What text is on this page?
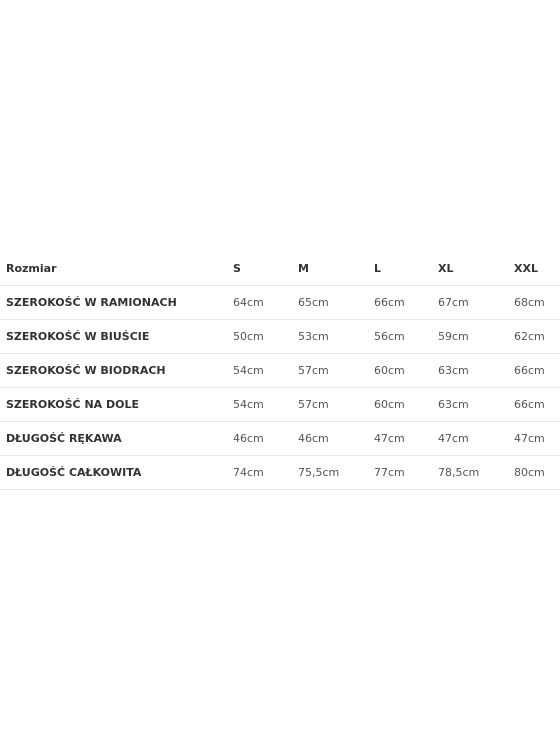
Rozmiar	S	M	L	XL	XXL
SZEROKOŚĆ W RAMIONACH	64cm	65cm	66cm	67cm	68cm
SZEROKOŚĆ W BIUŚCIE	50cm	53cm	56cm	59cm	62cm
SZEROKOŚĆ W BIODRACH	54cm	57cm	60cm	63cm	66cm
SZEROKOŚĆ NA DOLE	54cm	57cm	60cm	63cm	66cm
DŁUGOŚĆ RĘKAWA	46cm	46cm	47cm	47cm	47cm
DŁUGOŚĆ CAŁKOWITA	74cm	75,5cm	77cm	78,5cm	80cm
